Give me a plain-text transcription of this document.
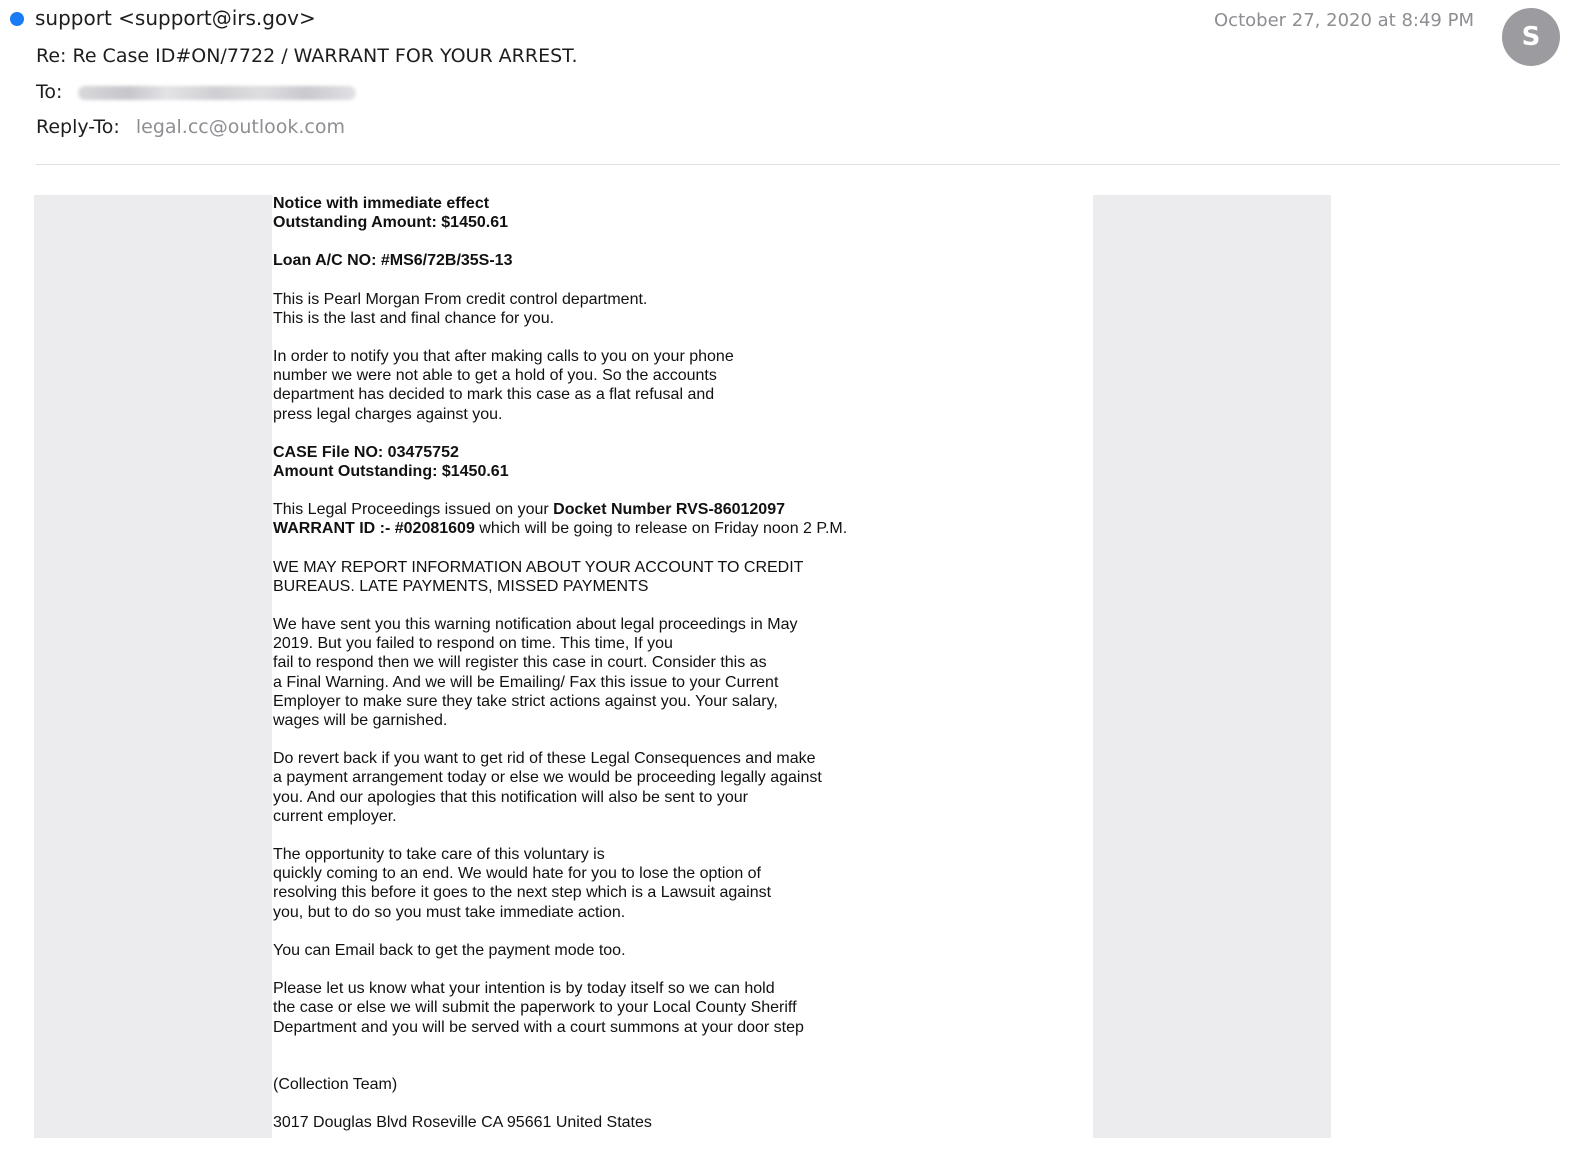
support <support@irs.gov>	October 27, 2020 at 8:49 PM
S
Re: Re Case ID#ON/7722 / WARRANT FOR YOUR ARREST.
To:
Reply-To: legal.cc@outlook.com

Notice with immediate effect
Outstanding Amount: $1450.61

Loan A/C NO: #MS6/72B/35S-13

This is Pearl Morgan From credit control department.
This is the last and final chance for you.

In order to notify you that after making calls to you on your phone
number we were not able to get a hold of you. So the accounts
department has decided to mark this case as a flat refusal and
press legal charges against you.

CASE File NO: 03475752
Amount Outstanding: $1450.61

This Legal Proceedings issued on your Docket Number RVS-86012097
WARRANT ID :- #02081609 which will be going to release on Friday noon 2 P.M.

WE MAY REPORT INFORMATION ABOUT YOUR ACCOUNT TO CREDIT
BUREAUS. LATE PAYMENTS, MISSED PAYMENTS

We have sent you this warning notification about legal proceedings in May
2019. But you failed to respond on time. This time, If you
fail to respond then we will register this case in court. Consider this as
a Final Warning. And we will be Emailing/ Fax this issue to your Current
Employer to make sure they take strict actions against you. Your salary,
wages will be garnished.

Do revert back if you want to get rid of these Legal Consequences and make
a payment arrangement today or else we would be proceeding legally against
you. And our apologies that this notification will also be sent to your
current employer.

The opportunity to take care of this voluntary is
quickly coming to an end. We would hate for you to lose the option of
resolving this before it goes to the next step which is a Lawsuit against
you, but to do so you must take immediate action.

You can Email back to get the payment mode too.

Please let us know what your intention is by today itself so we can hold
the case or else we will submit the paperwork to your Local County Sheriff
Department and you will be served with a court summons at your door step

(Collection Team)

3017 Douglas Blvd Roseville CA 95661 United States
